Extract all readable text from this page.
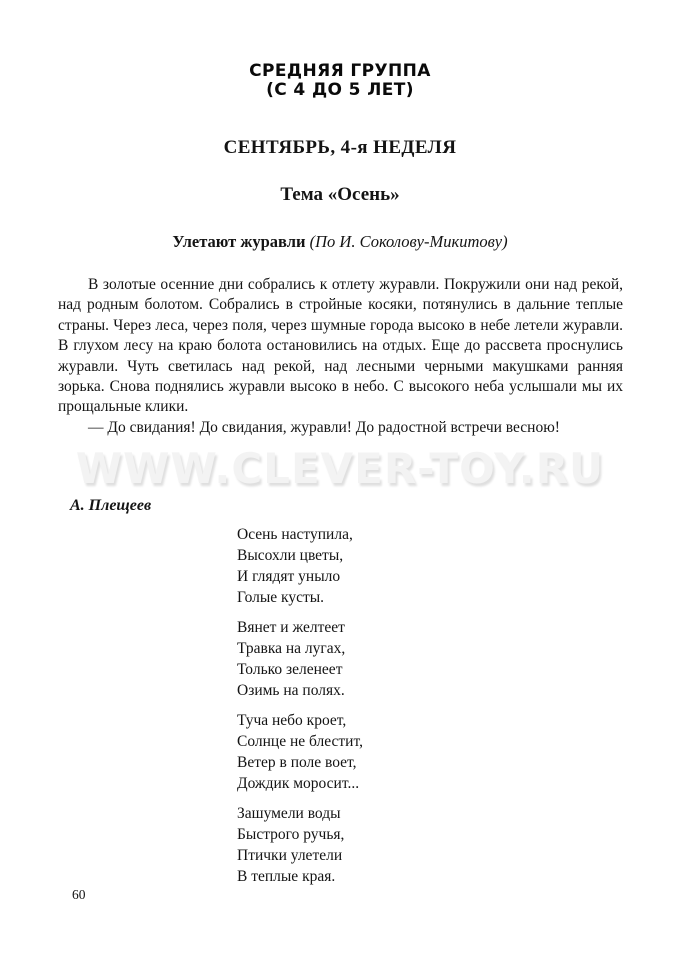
СРЕДНЯЯ ГРУППА
(С 4 ДО 5 ЛЕТ)
СЕНТЯБРЬ, 4-я НЕДЕЛЯ
Тема «Осень»
Улетают журавли (По И. Соколову-Микитову)

В золотые осенние дни собрались к отлету журавли. Покружили они над рекой, над родным болотом. Собрались в стройные косяки, потянулись в дальние теплые страны. Через леса, через поля, через шумные города высоко в небе летели журавли. В глухом лесу на краю болота остановились на отдых. Еще до рассвета проснулись журавли. Чуть светилась над рекой, над лесными черными макушками ранняя зорька. Снова поднялись журавли высоко в небо. С высокого неба услышали мы их прощальные клики.

— До свидания! До свидания, журавли! До радостной встречи весною!

WWW.CLEVER-TOY.RU
А. Плещеев
Осень наступила,
Высохли цветы,
И глядят уныло
Голые кусты.
Вянет и желтеет
Травка на лугах,
Только зеленеет
Озимь на полях.
Туча небо кроет,
Солнце не блестит,
Ветер в поле воет,
Дождик моросит...
Зашумели воды
Быстрого ручья,
Птички улетели
В теплые края.
60
